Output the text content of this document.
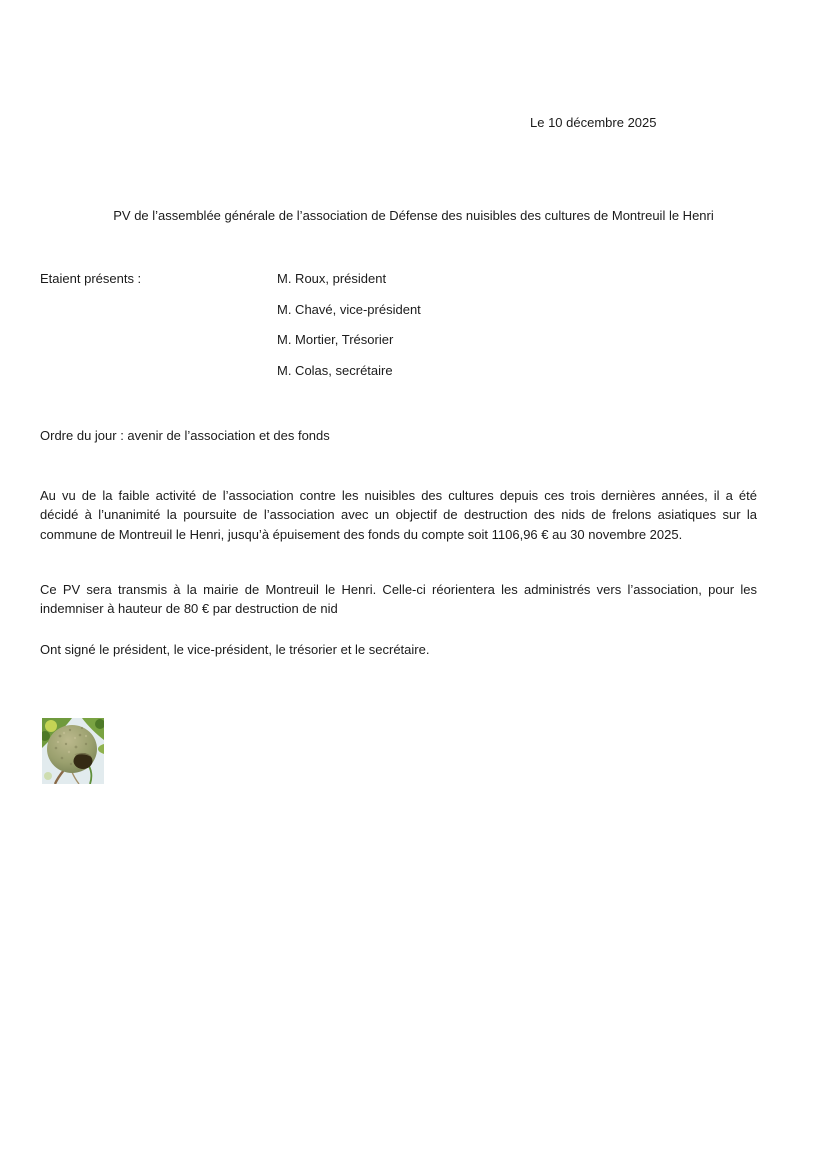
Le 10 décembre 2025
PV de l’assemblée générale de l’association de Défense des nuisibles des cultures de Montreuil le Henri
Etaient présents :	M. Roux, président
M. Chavé, vice-président
M. Mortier, Trésorier
M. Colas, secrétaire
Ordre du jour : avenir de l’association et des fonds
Au vu de la faible activité de l’association contre les nuisibles des cultures depuis ces trois dernières années, il a été
décidé à l’unanimité la poursuite de l’association avec un objectif de destruction des nids de frelons asiatiques sur la
commune de Montreuil le Henri, jusqu’à épuisement des fonds du compte soit 1106,96 € au 30 novembre 2025.
Ce PV sera transmis à la mairie de Montreuil le Henri. Celle-ci réorientera les administrés vers l’association, pour les
indemniser à hauteur de 80 € par destruction de nid
Ont signé le président, le vice-président, le trésorier et le secrétaire.
